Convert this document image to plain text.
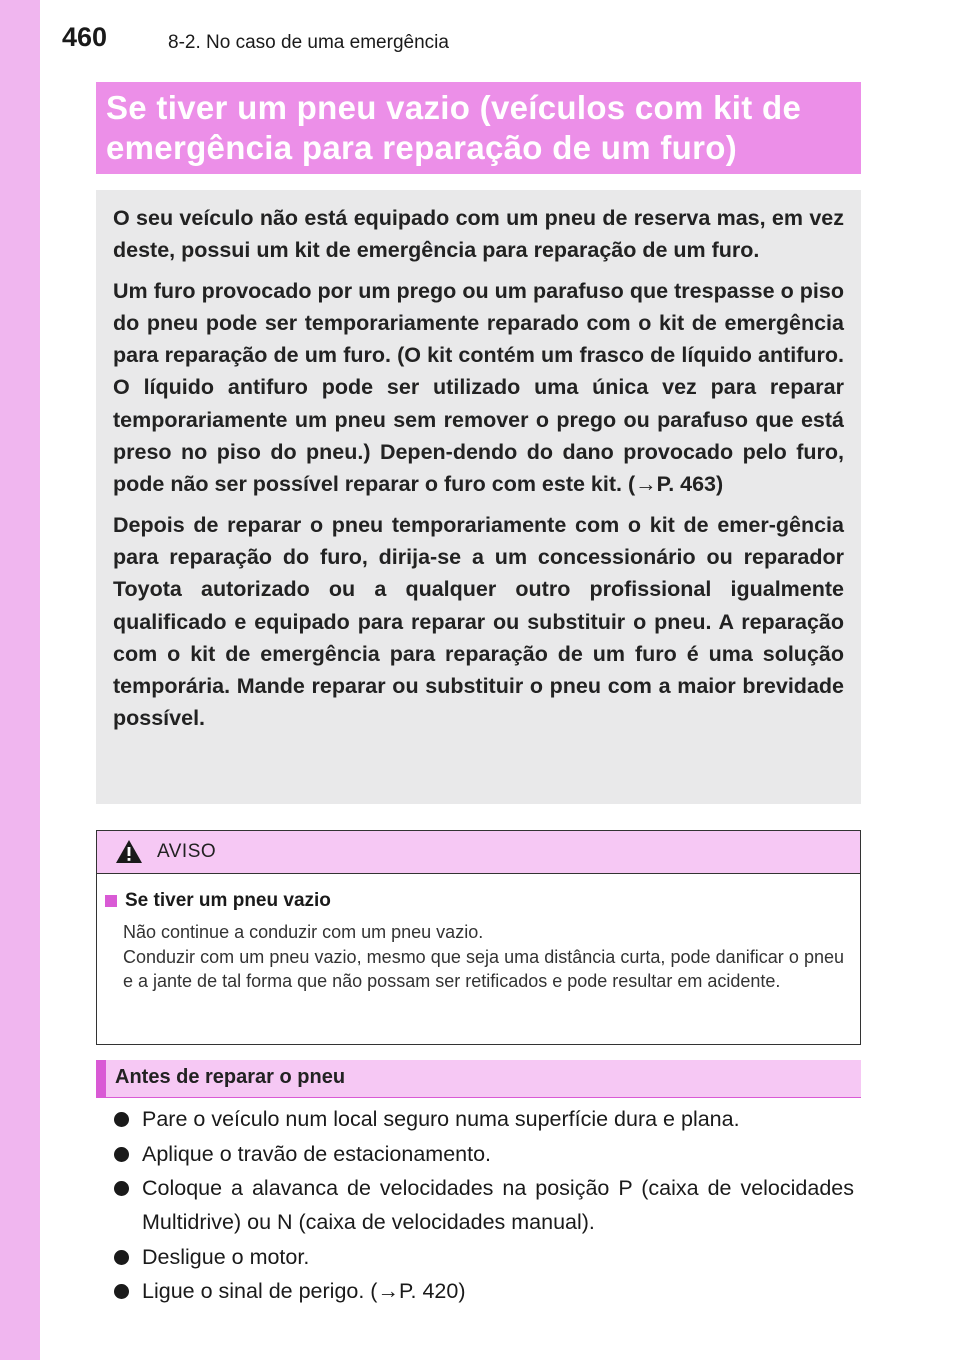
460	8-2. No caso de uma emergência

Se tiver um pneu vazio (veículos com kit de

emergência para reparação de um furo)

O seu veículo não está equipado com um pneu de reserva mas, em vez deste, possui um kit de emergência para reparação de um furo.

Um furo provocado por um prego ou um parafuso que trespasse o piso do pneu pode ser temporariamente reparado com o kit de emergência para reparação de um furo. (O kit contém um frasco de líquido antifuro. O líquido antifuro pode ser utilizado uma única vez para reparar temporariamente um pneu sem remover o prego ou parafuso que está preso no piso do pneu.) Depen-dendo do dano provocado pelo furo, pode não ser possível reparar o furo com este kit. (→P. 463)

Depois de reparar o pneu temporariamente com o kit de emer-gência para reparação do furo, dirija-se a um concessionário ou reparador Toyota autorizado ou a qualquer outro profissional igualmente qualificado e equipado para reparar ou substituir o pneu. A reparação com o kit de emergência para reparação de um furo é uma solução temporária. Mande reparar ou substituir o pneu com a maior brevidade possível.

AVISO

Se tiver um pneu vazio

Não continue a conduzir com um pneu vazio.
Conduzir com um pneu vazio, mesmo que seja uma distância curta, pode danificar o pneu e a jante de tal forma que não possam ser retificados e pode resultar em acidente.

Antes de reparar o pneu
Pare o veículo num local seguro numa superfície dura e plana.
Aplique o travão de estacionamento.
Coloque a alavanca de velocidades na posição P (caixa de velocidades Multidrive) ou N (caixa de velocidades manual).
Desligue o motor.
Ligue o sinal de perigo. (→P. 420)
